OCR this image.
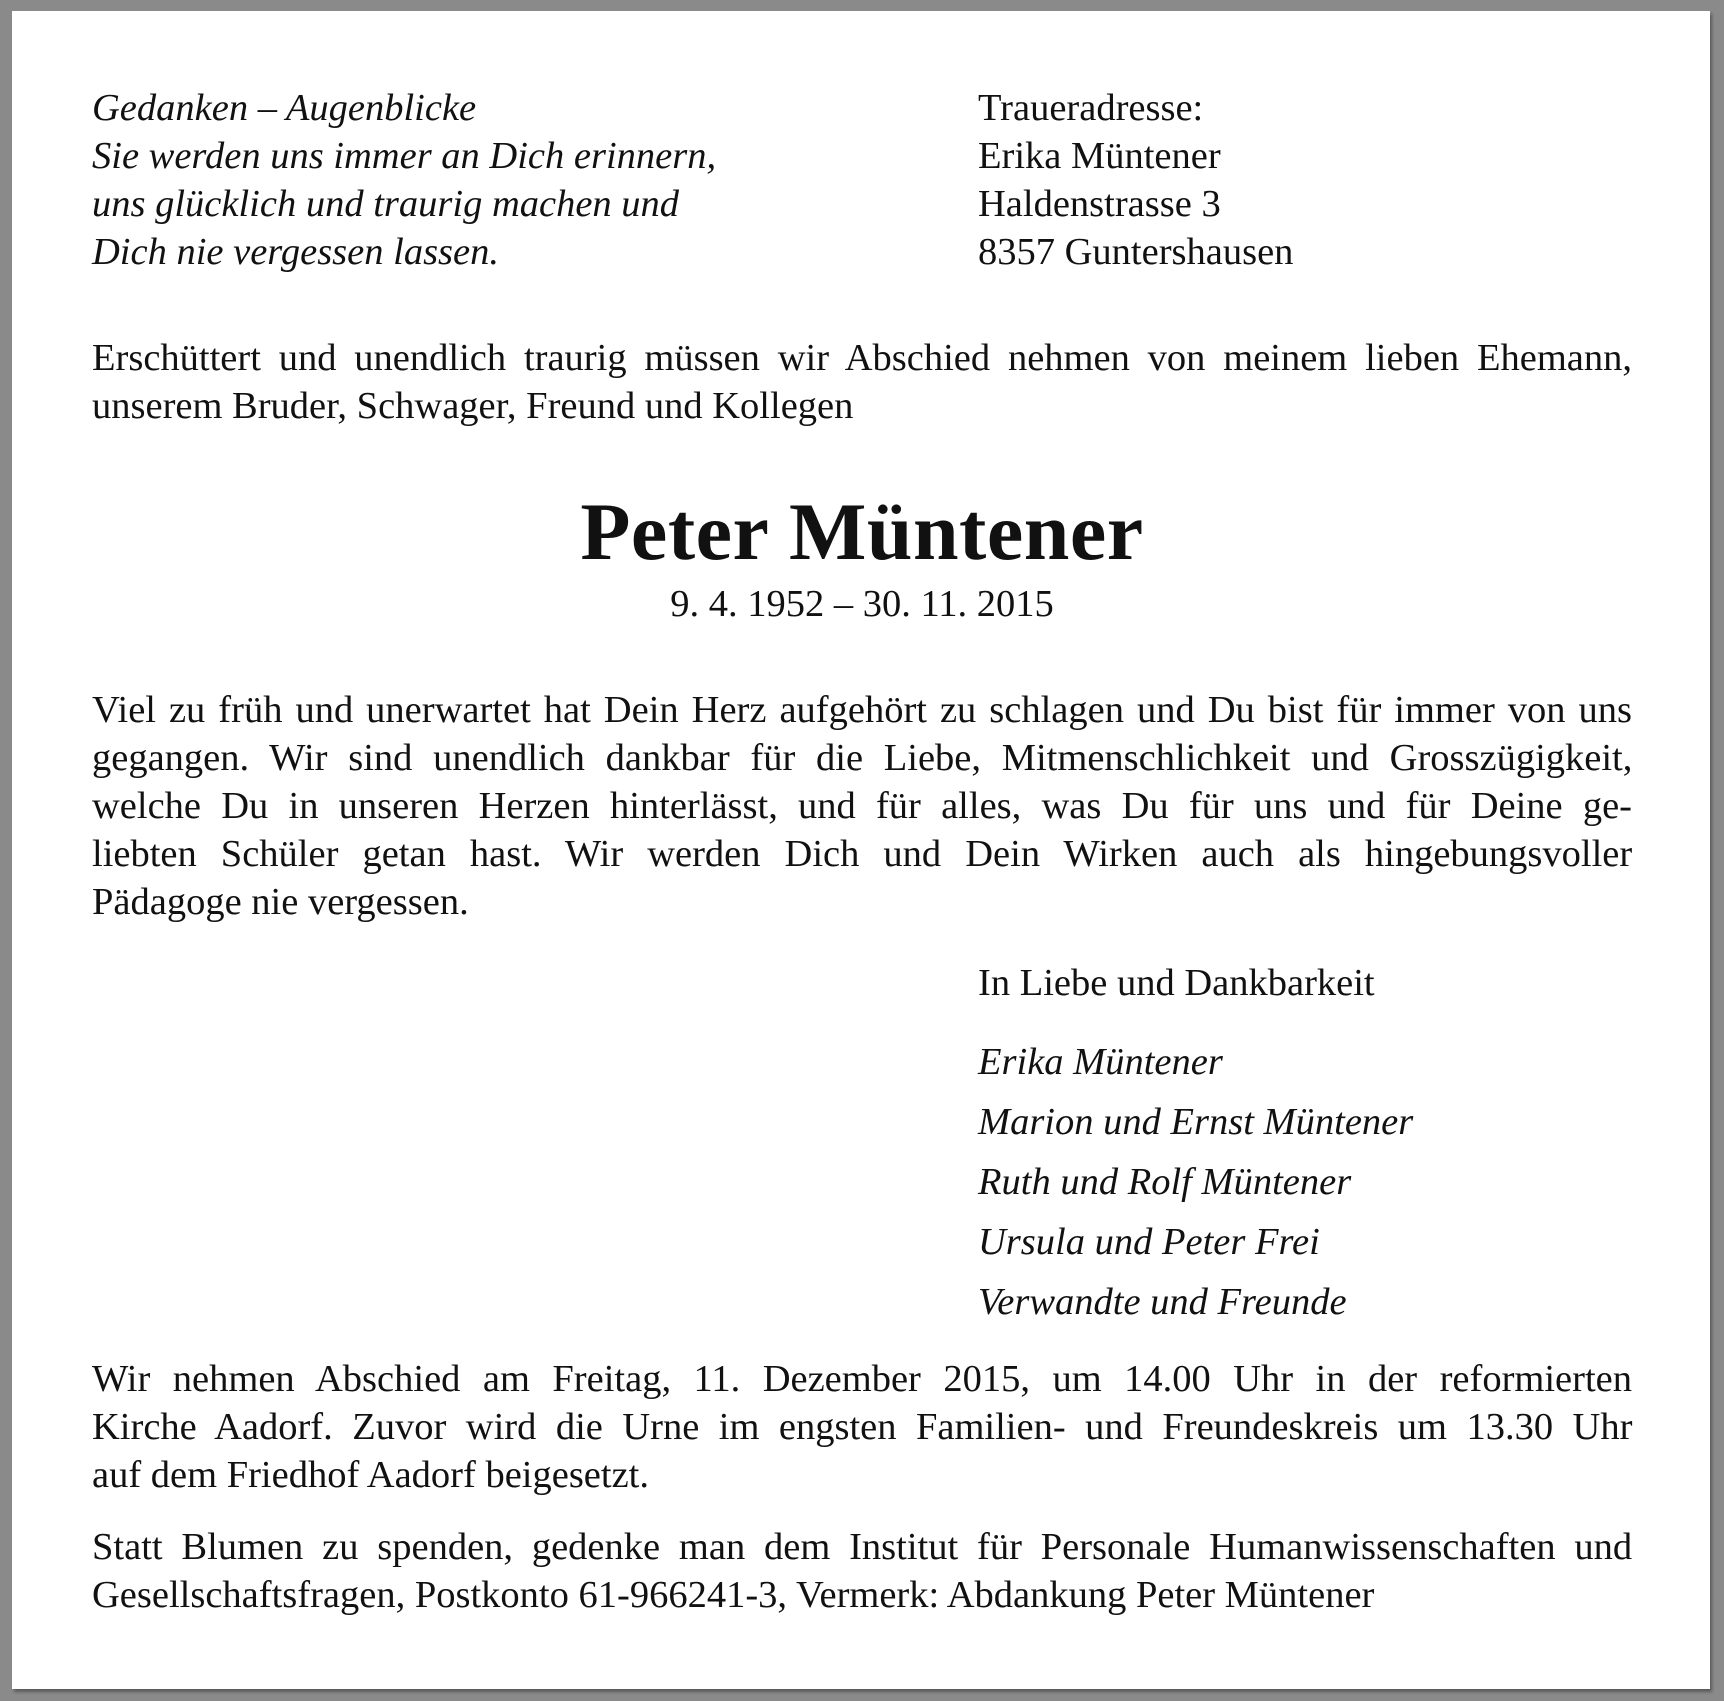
Gedanken – Augenblicke
Sie werden uns immer an Dich erinnern,
uns glücklich und traurig machen und
Dich nie vergessen lassen.
Traueradresse:
Erika Müntener
Haldenstrasse 3
8357 Guntershausen
Erschüttert und unendlich traurig müssen wir Abschied nehmen von meinem lieben Ehemann,
unserem Bruder, Schwager, Freund und Kollegen
Peter Müntener
9. 4. 1952 – 30. 11. 2015
Viel zu früh und unerwartet hat Dein Herz aufgehört zu schlagen und Du bist für immer von uns
gegangen. Wir sind unendlich dankbar für die Liebe, Mitmenschlichkeit und Grosszügigkeit,
welche Du in unseren Herzen hinterlässt, und für alles, was Du für uns und für Deine ge-
liebten Schüler getan hast. Wir werden Dich und Dein Wirken auch als hingebungsvoller
Pädagoge nie vergessen.
In Liebe und Dankbarkeit
Erika Müntener
Marion und Ernst Müntener
Ruth und Rolf Müntener
Ursula und Peter Frei
Verwandte und Freunde
Wir nehmen Abschied am Freitag, 11. Dezember 2015, um 14.00 Uhr in der reformierten
Kirche Aadorf. Zuvor wird die Urne im engsten Familien- und Freundeskreis um 13.30 Uhr
auf dem Friedhof Aadorf beigesetzt.
Statt Blumen zu spenden, gedenke man dem Institut für Personale Humanwissenschaften und
Gesellschaftsfragen, Postkonto 61-966241-3, Vermerk: Abdankung Peter Müntener
